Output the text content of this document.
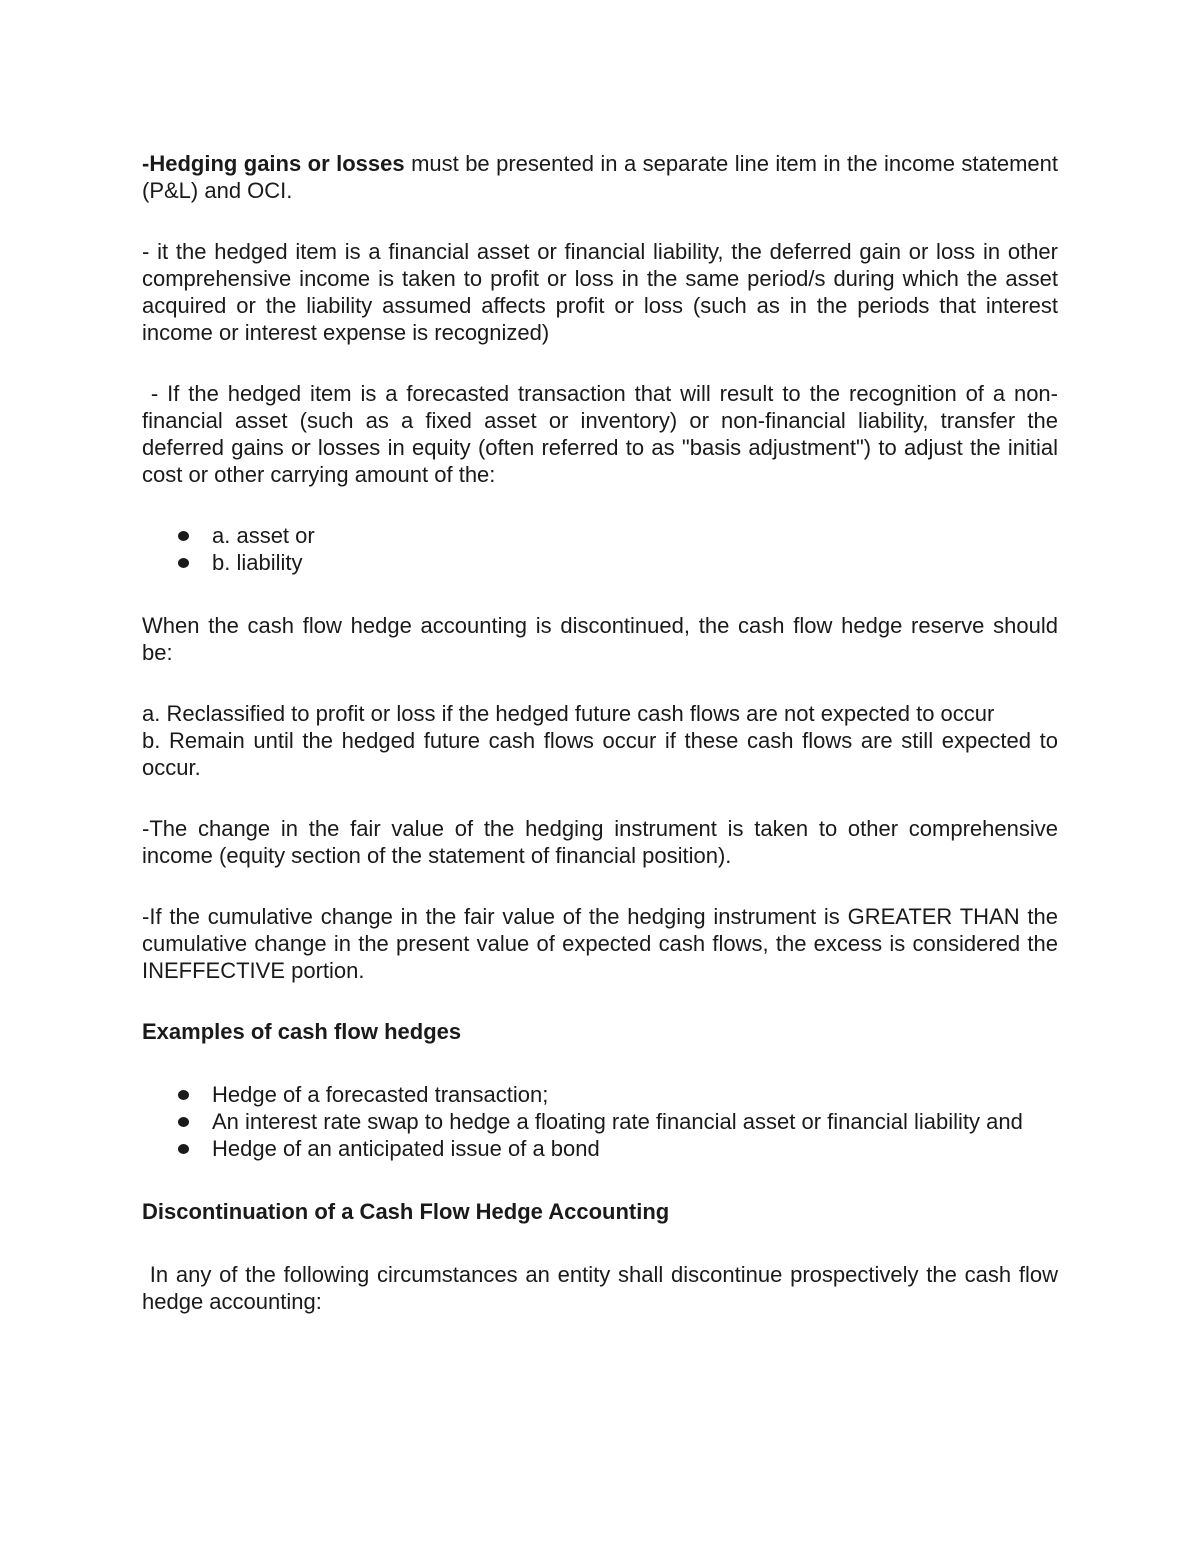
-Hedging gains or losses must be presented in a separate line item in the income statement (P&L) and OCI.

- it the hedged item is a financial asset or financial liability, the deferred gain or loss in other comprehensive income is taken to profit or loss in the same period/s during which the asset acquired or the liability assumed affects profit or loss (such as in the periods that interest income or interest expense is recognized)

- If the hedged item is a forecasted transaction that will result to the recognition of a non-financial asset (such as a fixed asset or inventory) or non-financial liability, transfer the deferred gains or losses in equity (often referred to as "basis adjustment") to adjust the initial cost or other carrying amount of the:

a. asset or
b. liability

When the cash flow hedge accounting is discontinued, the cash flow hedge reserve should be:

a. Reclassified to profit or loss if the hedged future cash flows are not expected to occur
b. Remain until the hedged future cash flows occur if these cash flows are still expected to occur.

-The change in the fair value of the hedging instrument is taken to other comprehensive income (equity section of the statement of financial position).

-If the cumulative change in the fair value of the hedging instrument is GREATER THAN the cumulative change in the present value of expected cash flows, the excess is considered the INEFFECTIVE portion.

Examples of cash flow hedges

Hedge of a forecasted transaction;
An interest rate swap to hedge a floating rate financial asset or financial liability and
Hedge of an anticipated issue of a bond

Discontinuation of a Cash Flow Hedge Accounting

In any of the following circumstances an entity shall discontinue prospectively the cash flow hedge accounting:
